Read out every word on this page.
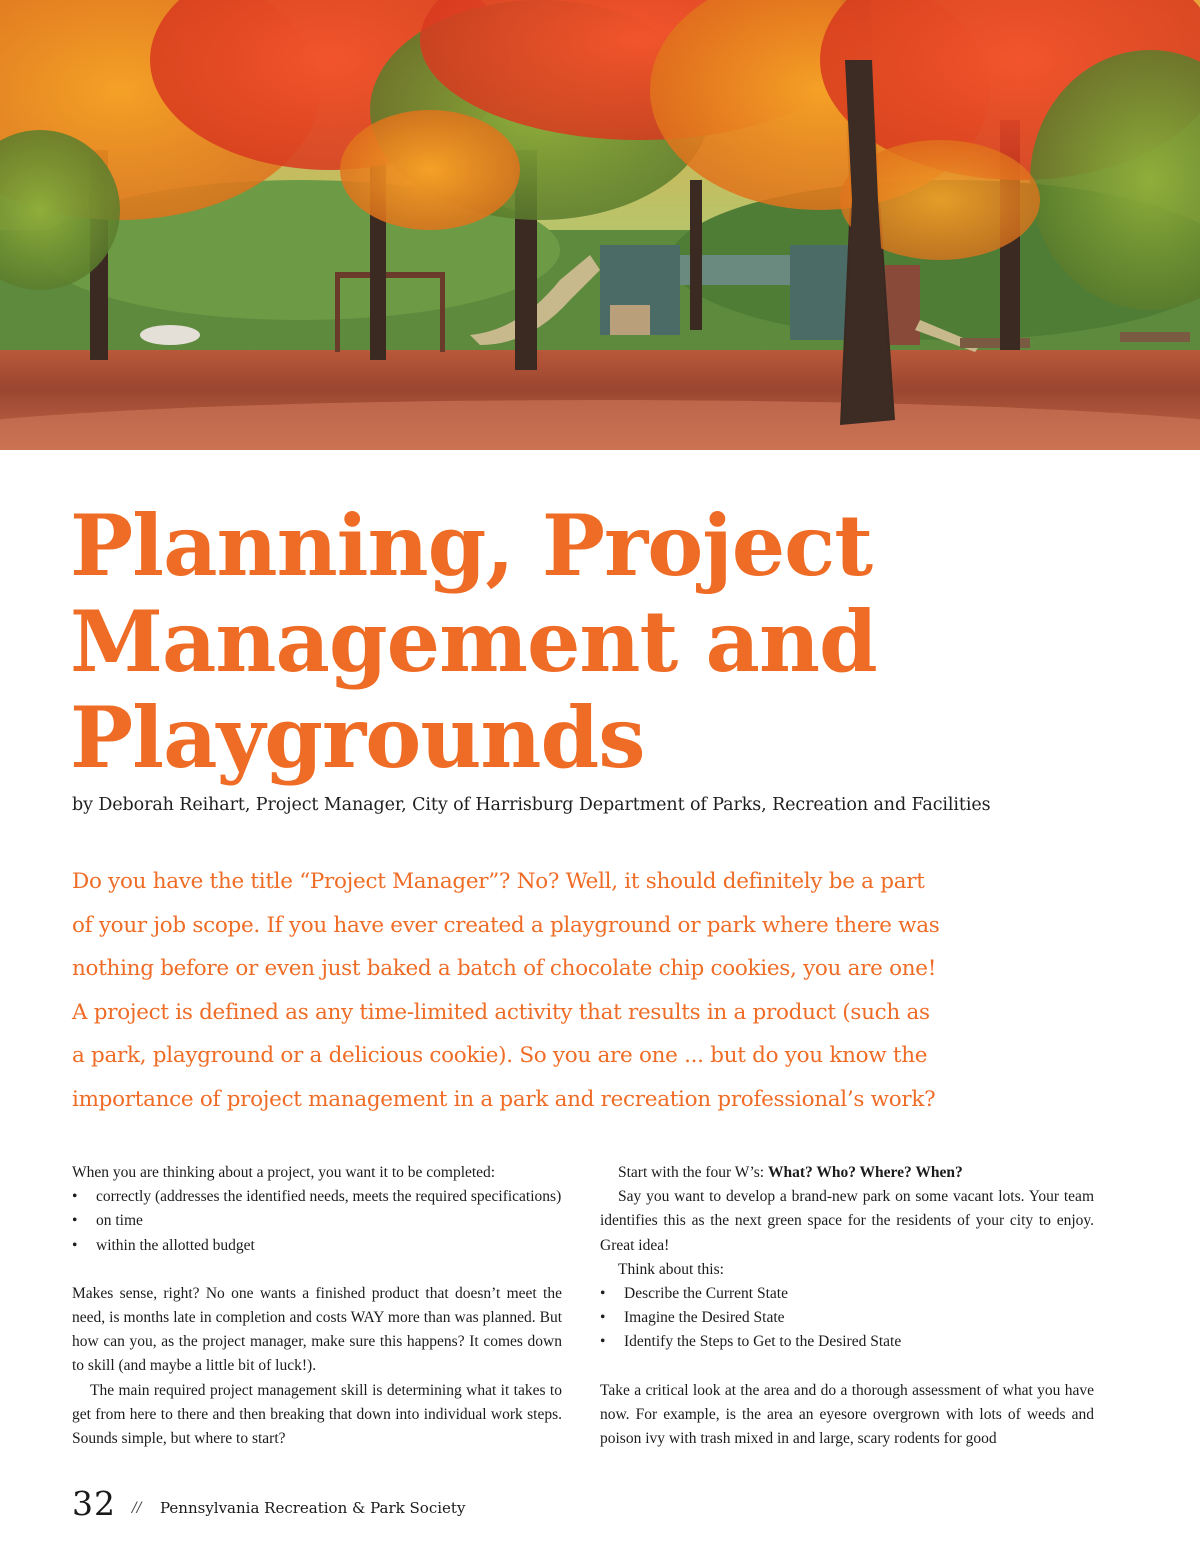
Planning, Project
Management and
Playgrounds
by Deborah Reihart, Project Manager, City of Harrisburg Department of Parks, Recreation and Facilities
Do you have the title “Project Manager”? No? Well, it should definitely be a part
of your job scope. If you have ever created a playground or park where there was
nothing before or even just baked a batch of chocolate chip cookies, you are one!
A project is defined as any time-limited activity that results in a product (such as
a park, playground or a delicious cookie). So you are one ... but do you know the
importance of project management in a park and recreation professional’s work?

When you are thinking about a project, you want it to be completed:

• correctly (addresses the identified needs, meets the required specifications)
• on time
• within the allotted budget

Makes sense, right? No one wants a finished product that doesn’t meet the need, is months late in completion and costs WAY more than was planned. But how can you, as the project manager, make sure this happens? It comes down to skill (and maybe a little bit of luck!).

The main required project management skill is determining what it takes to get from here to there and then breaking that down into individual work steps. Sounds simple, but where to start?

Start with the four W’s: What? Who? Where? When?

Say you want to develop a brand-new park on some vacant lots. Your team identifies this as the next green space for the residents of your city to enjoy. Great idea!

Think about this:

• Describe the Current State
• Imagine the Desired State
• Identify the Steps to Get to the Desired State

Take a critical look at the area and do a thorough assessment of what you have now. For example, is the area an eyesore overgrown with lots of weeds and poison ivy with trash mixed in and large, scary rodents for good

32 // Pennsylvania Recreation & Park Society
